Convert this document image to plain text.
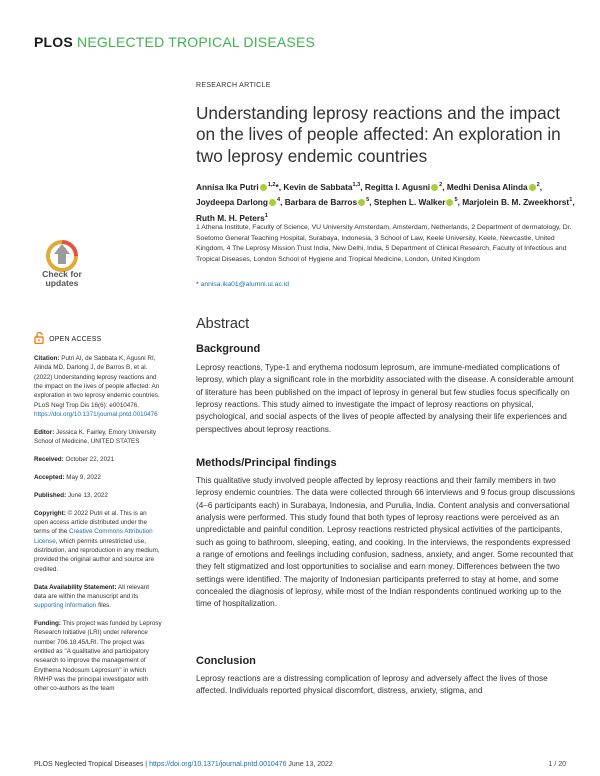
PLOS NEGLECTED TROPICAL DISEASES
RESEARCH ARTICLE
Understanding leprosy reactions and the impact on the lives of people affected: An exploration in two leprosy endemic countries
Annisa Ika Putri $^{1,2}$*, Kevin de Sabbata$^{1,3}$, Regitta I. Agusni $^2$, Medhi Denisa Alinda $^2$, Joydeepa Darlong $^4$, Barbara de Barros $^5$, Stephen L. Walker $^5$, Marjolein B. M. Zweekhorst$^1$, Ruth M. H. Peters$^1$
1 Athena Institute, Faculty of Science, VU University Amsterdam, Amsterdam, Netherlands, 2 Department of dermatology, Dr. Soetomo General Teaching Hospital, Surabaya, Indonesia, 3 School of Law, Keele University, Keele, Newcastle, United Kingdom, 4 The Leprosy Mission Trust India, New Delhi, India, 5 Department of Clinical Research, Faculty of Infectious and Tropical Diseases, London School of Hygiene and Tropical Medicine, London, United Kingdom
* annisa.ika01@alumni.ui.ac.id
Check for
updates
OPEN ACCESS

Citation: Putri AI, de Sabbata K, Agusni RI, Alinda MD, Darlong J, de Barros B, et al. (2022) Understanding leprosy reactions and the impact on the lives of people affected: An exploration in two leprosy endemic countries. PLoS Negl Trop Dis 16(6): e0010476. https://doi.org/10.1371/journal.pntd.0010476

Editor: Jessica K. Fairley, Emory University School of Medicine, UNITED STATES

Received: October 22, 2021

Accepted: May 9, 2022

Published: June 13, 2022

Copyright: © 2022 Putri et al. This is an open access article distributed under the terms of the Creative Commons Attribution License, which permits unrestricted use, distribution, and reproduction in any medium, provided the original author and source are credited.

Data Availability Statement: All relevant data are within the manuscript and its supporting information files.

Funding: This project was funded by Leprosy Research Initiative (LRI) under reference number 706.18.45/LRI. The project was entitled as "A qualitative and participatory research to improve the management of Erythema Nodosum Leprosum" in which RMHP was the principal investigator with other co-authors as the team

Abstract
Background
Leprosy reactions, Type-1 and erythema nodosum leprosum, are immune-mediated complications of leprosy, which play a significant role in the morbidity associated with the disease. A considerable amount of literature has been published on the impact of leprosy in general but few studies focus specifically on leprosy reactions. This study aimed to investigate the impact of leprosy reactions on physical, psychological, and social aspects of the lives of people affected by analysing their life experiences and perspectives about leprosy reactions.
Methods/Principal findings
This qualitative study involved people affected by leprosy reactions and their family members in two leprosy endemic countries. The data were collected through 66 interviews and 9 focus group discussions (4–6 participants each) in Surabaya, Indonesia, and Purulia, India. Content analysis and conversational analysis were performed. This study found that both types of leprosy reactions were perceived as an unpredictable and painful condition. Leprosy reactions restricted physical activities of the participants, such as going to bathroom, sleeping, eating, and cooking. In the interviews, the respondents expressed a range of emotions and feelings including confusion, sadness, anxiety, and anger. Some recounted that they felt stigmatized and lost opportunities to socialise and earn money. Differences between the two settings were identified. The majority of Indonesian participants preferred to stay at home, and some concealed the diagnosis of leprosy, while most of the Indian respondents continued working up to the time of hospitalization.
Conclusion
Leprosy reactions are a distressing complication of leprosy and adversely affect the lives of those affected. Individuals reported physical discomfort, distress, anxiety, stigma, and
PLOS Neglected Tropical Diseases | https://doi.org/10.1371/journal.pntd.0010476 June 13, 2022	1 / 20
